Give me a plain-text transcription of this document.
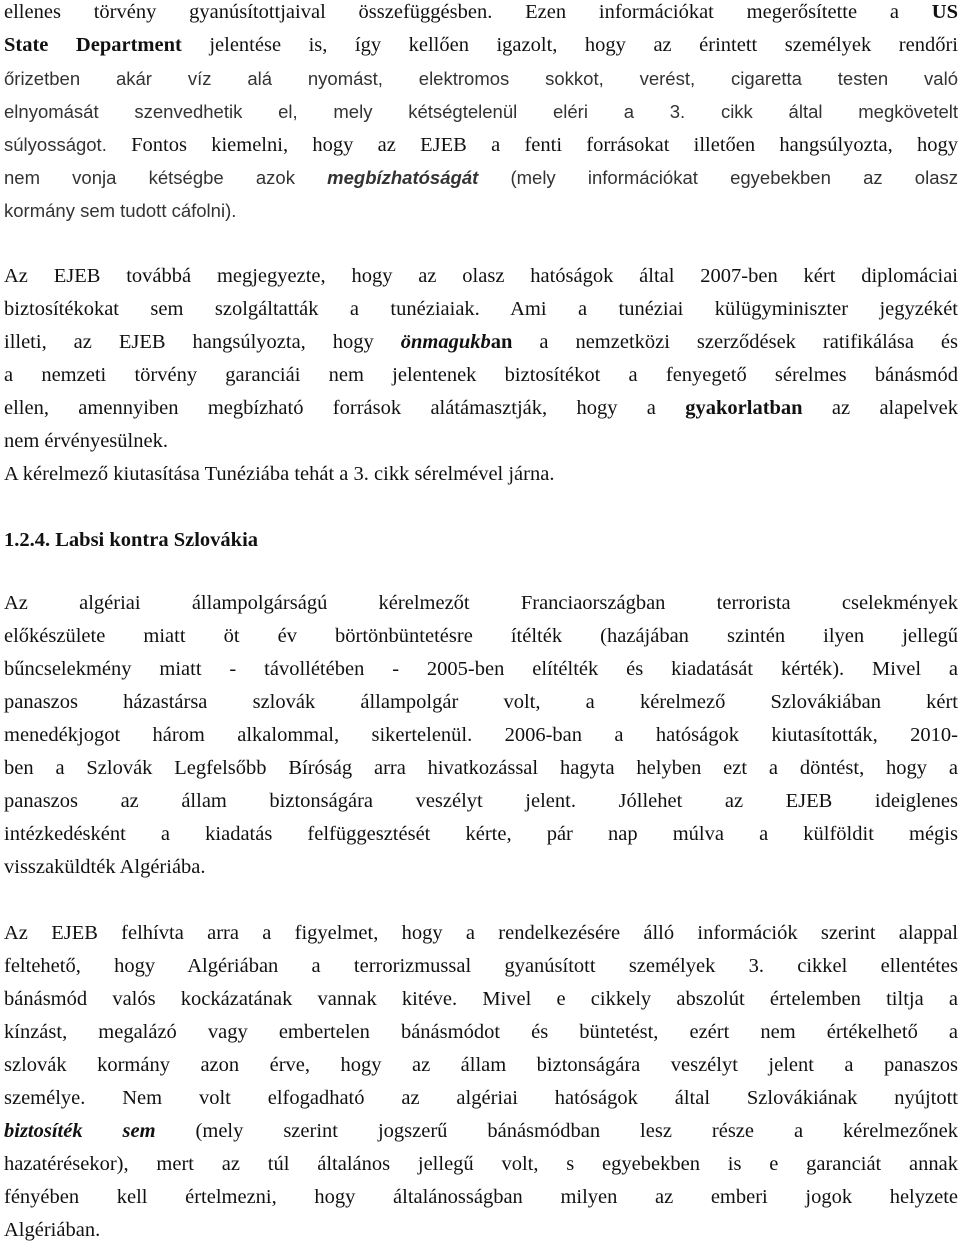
ellenes törvény gyanúsítottjaival összefüggésben. Ezen információkat megerősítette a US
State Department jelentése is, így kellően igazolt, hogy az érintett személyek rendőri
őrizetben akár víz alá nyomást, elektromos sokkot, verést, cigaretta testen való
elnyomását szenvedhetik el, mely kétségtelenül eléri a 3. cikk által megkövetelt
súlyosságot. Fontos kiemelni, hogy az EJEB a fenti forrásokat illetően hangsúlyozta, hogy
nem vonja kétségbe azok megbízhatóságát (mely információkat egyebekben az olasz
kormány sem tudott cáfolni).
Az EJEB továbbá megjegyezte, hogy az olasz hatóságok által 2007-ben kért diplomáciai
biztosítékokat sem szolgáltatták a tunéziaiak. Ami a tunéziai külügyminiszter jegyzékét
illeti, az EJEB hangsúlyozta, hogy önmagukban a nemzetközi szerződések ratifikálása és
a nemzeti törvény garanciái nem jelentenek biztosítékot a fenyegető sérelmes bánásmód
ellen, amennyiben megbízható források alátámasztják, hogy a gyakorlatban az alapelvek
nem érvényesülnek.
A kérelmező kiutasítása Tunéziába tehát a 3. cikk sérelmével járna.
1.2.4. Labsi kontra Szlovákia
Az algériai állampolgárságú kérelmezőt Franciaországban terrorista cselekmények
előkészülete miatt öt év börtönbüntetésre ítélték (hazájában szintén ilyen jellegű
bűncselekmény miatt - távollétében - 2005-ben elítélték és kiadatását kérték). Mivel a
panaszos házastársa szlovák állampolgár volt, a kérelmező Szlovákiában kért
menedékjogot három alkalommal, sikertelenül. 2006-ban a hatóságok kiutasították, 2010-
ben a Szlovák Legfelsőbb Bíróság arra hivatkozással hagyta helyben ezt a döntést, hogy a
panaszos az állam biztonságára veszélyt jelent. Jóllehet az EJEB ideiglenes
intézkedésként a kiadatás felfüggesztését kérte, pár nap múlva a külföldit mégis
visszaküldték Algériába.
Az EJEB felhívta arra a figyelmet, hogy a rendelkezésére álló információk szerint alappal
feltehető, hogy Algériában a terrorizmussal gyanúsított személyek 3. cikkel ellentétes
bánásmód valós kockázatának vannak kitéve. Mivel e cikkely abszolút értelemben tiltja a
kínzást, megalázó vagy embertelen bánásmódot és büntetést, ezért nem értékelhető a
szlovák kormány azon érve, hogy az állam biztonságára veszélyt jelent a panaszos
személye. Nem volt elfogadható az algériai hatóságok által Szlovákiának nyújtott
biztosíték sem (mely szerint jogszerű bánásmódban lesz része a kérelmezőnek
hazatérésekor), mert az túl általános jellegű volt, s egyebekben is e garanciát annak
fényében kell értelmezni, hogy általánosságban milyen az emberi jogok helyzete
Algériában.
